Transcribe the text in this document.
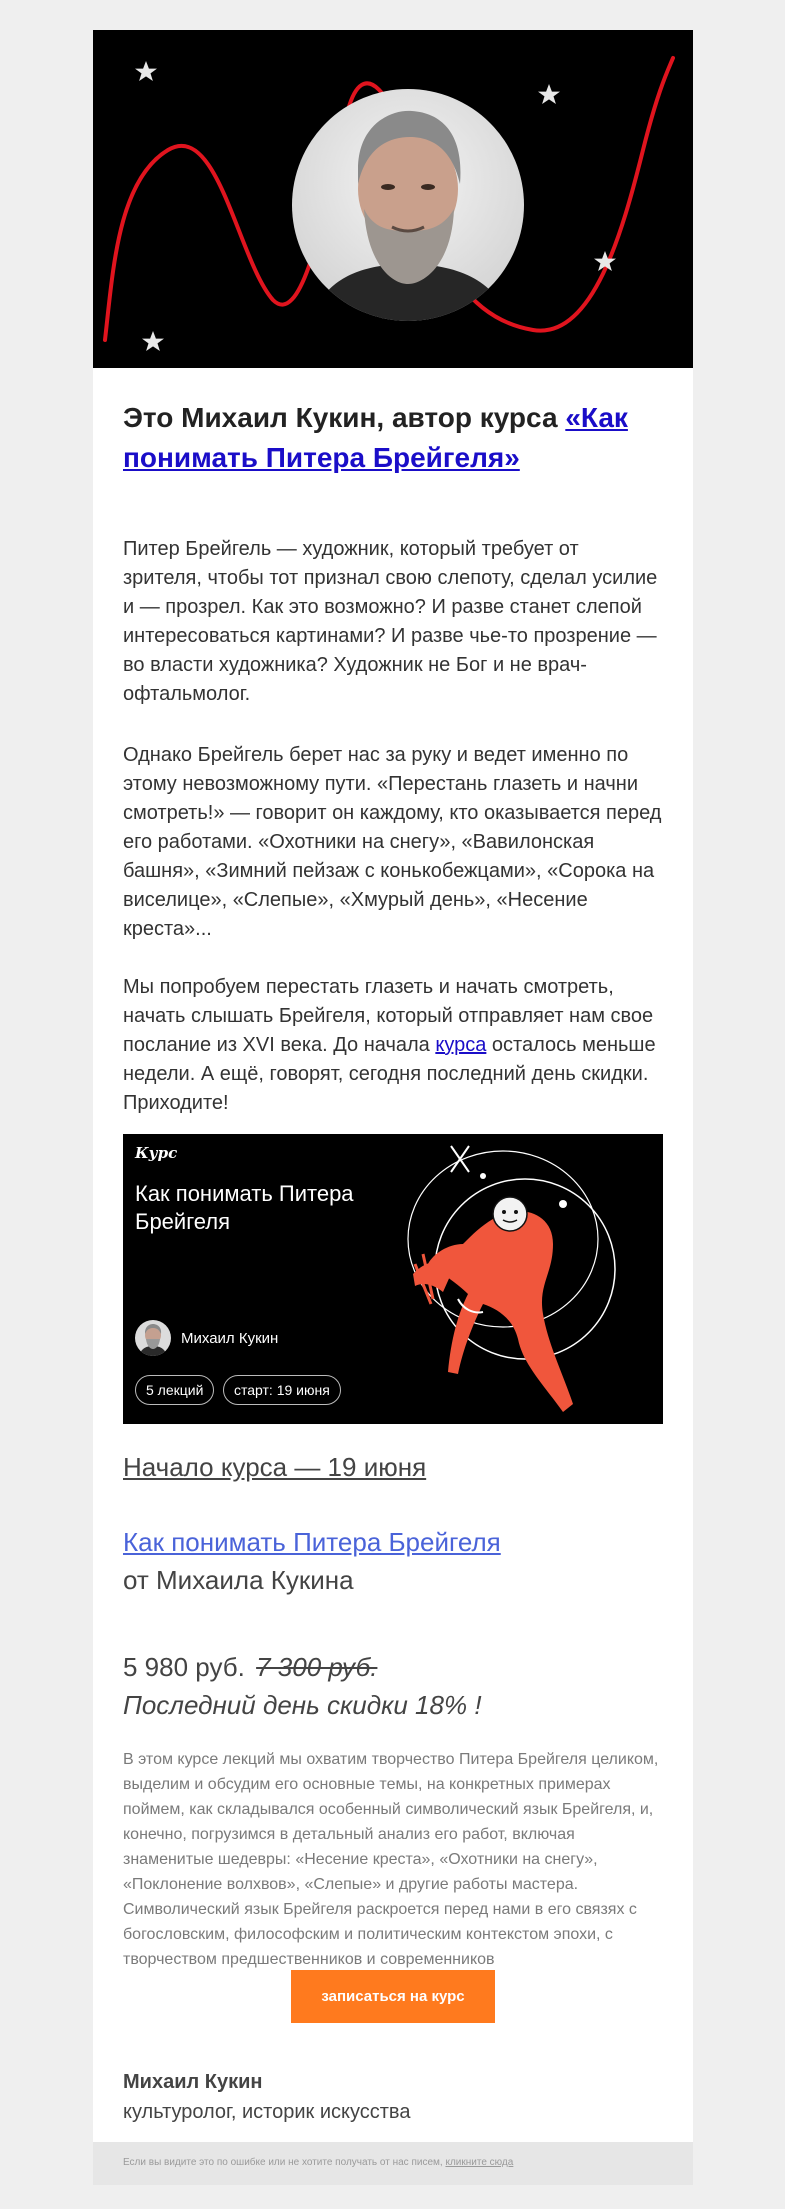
Это Михаил Кукин, автор курса «Как понимать Питера Брейгеля»

Питер Брейгель — художник, который требует от зрителя, чтобы тот признал свою слепоту, сделал усилие и — прозрел. Как это возможно? И разве станет слепой интересоваться картинами? И разве чье-то прозрение — во власти художника? Художник не Бог и не врач-офтальмолог.

Однако Брейгель берет нас за руку и ведет именно по этому невозможному пути. «Перестань глазеть и начни смотреть!» — говорит он каждому, кто оказывается перед его работами. «Охотники на снегу», «Вавилонская башня», «Зимний пейзаж с конькобежцами», «Сорока на виселице», «Слепые», «Хмурый день», «Несение креста»...

Мы попробуем перестать глазеть и начать смотреть, начать слышать Брейгеля, который отправляет нам свое послание из XVI века. До начала курса осталось меньше недели. А ещё, говорят, сегодня последний день скидки. Приходите!

Курс
Как понимать Питера Брейгеля
Михаил Кукин
5 лекций	старт: 19 июня
Начало курса — 19 июня
Как понимать Питера Брейгеля
от Михаила Кукина
5 980 руб. 7 300 руб.
Последний день скидки 18% !

В этом курсе лекций мы охватим творчество Питера Брейгеля целиком, выделим и обсудим его основные темы, на конкретных примерах поймем, как складывался особенный символический язык Брейгеля, и, конечно, погрузимся в детальный анализ его работ, включая знаменитые шедевры: «Несение креста», «Охотники на снегу», «Поклонение волхвов», «Слепые» и другие работы мастера. Символический язык Брейгеля раскроется перед нами в его связях с богословским, философским и политическим контекстом эпохи, с творчеством предшественников и современников

записаться на курс
Михаил Кукин
культуролог, историк искусства
Если вы видите это по ошибке или не хотите получать от нас писем, кликните сюда
